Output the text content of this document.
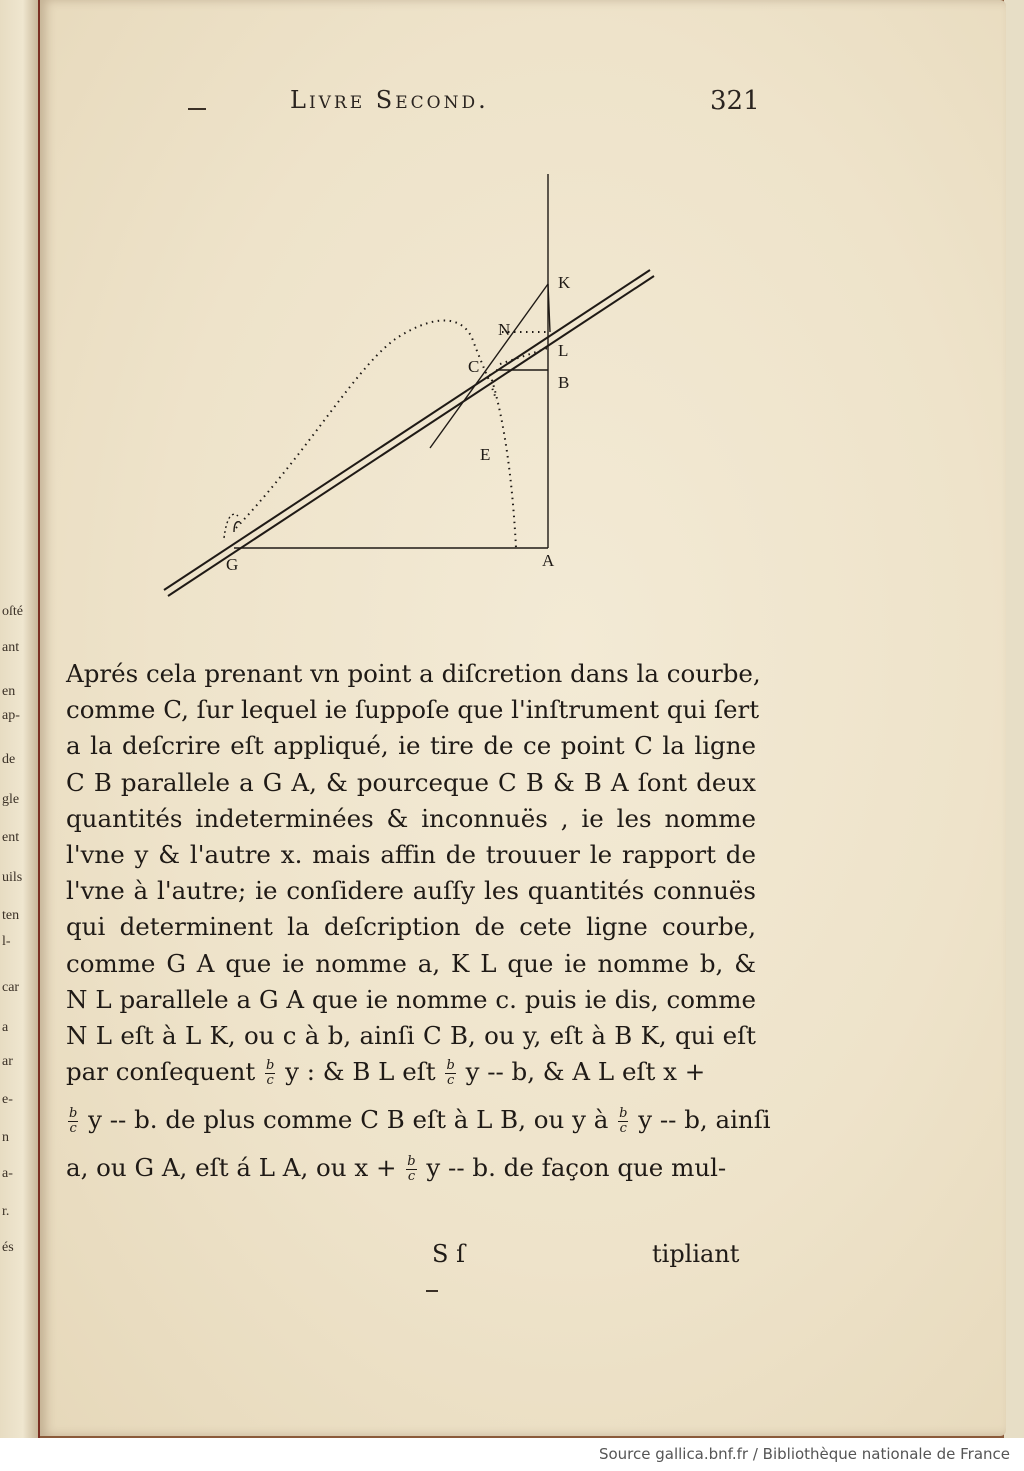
oſté
ant
en
ap-
de
gle
ent
uils
ten
l-
car
a
ar
e-
n
a-
r.
és
Livre Second.	321
K
N
L
C
B
E
G	A
Aprés cela prenant vn point a diſcretion dans la courbe,
comme C, ſur lequel ie ſuppoſe que l'inſtrument qui ſert
a la deſcrire eſt appliqué, ie tire de ce point C la ligne
C B parallele a G A, & pourceque C B & B A ſont deux
quantités indeterminées & inconnuës , ie les nomme
l'vne y & l'autre x. mais affin de trouuer le rapport de
l'vne à l'autre; ie conſidere auſſy les quantités connuës
qui determinent la deſcription de cete ligne courbe,
comme G A que ie nomme a, K L que ie nomme b, &
N L parallele a G A que ie nomme c. puis ie dis, comme
N L eſt à L K, ou c à b, ainſi C B, ou y, eſt à B K, qui eſt
par conſequent $\frac{b}{c}$ y : & B L eſt $\frac{b}{c}$ y -- b, & A L eſt x +
$\frac{b}{c}$ y -- b. de plus comme C B eſt à L B, ou y à $\frac{b}{c}$ y -- b, ainſi
a, ou G A, eſt á L A, ou $x + \frac{b}{c}$ y -- b. de façon que mul-
S ſ	tipliant
Source gallica.bnf.fr / Bibliothèque nationale de France
